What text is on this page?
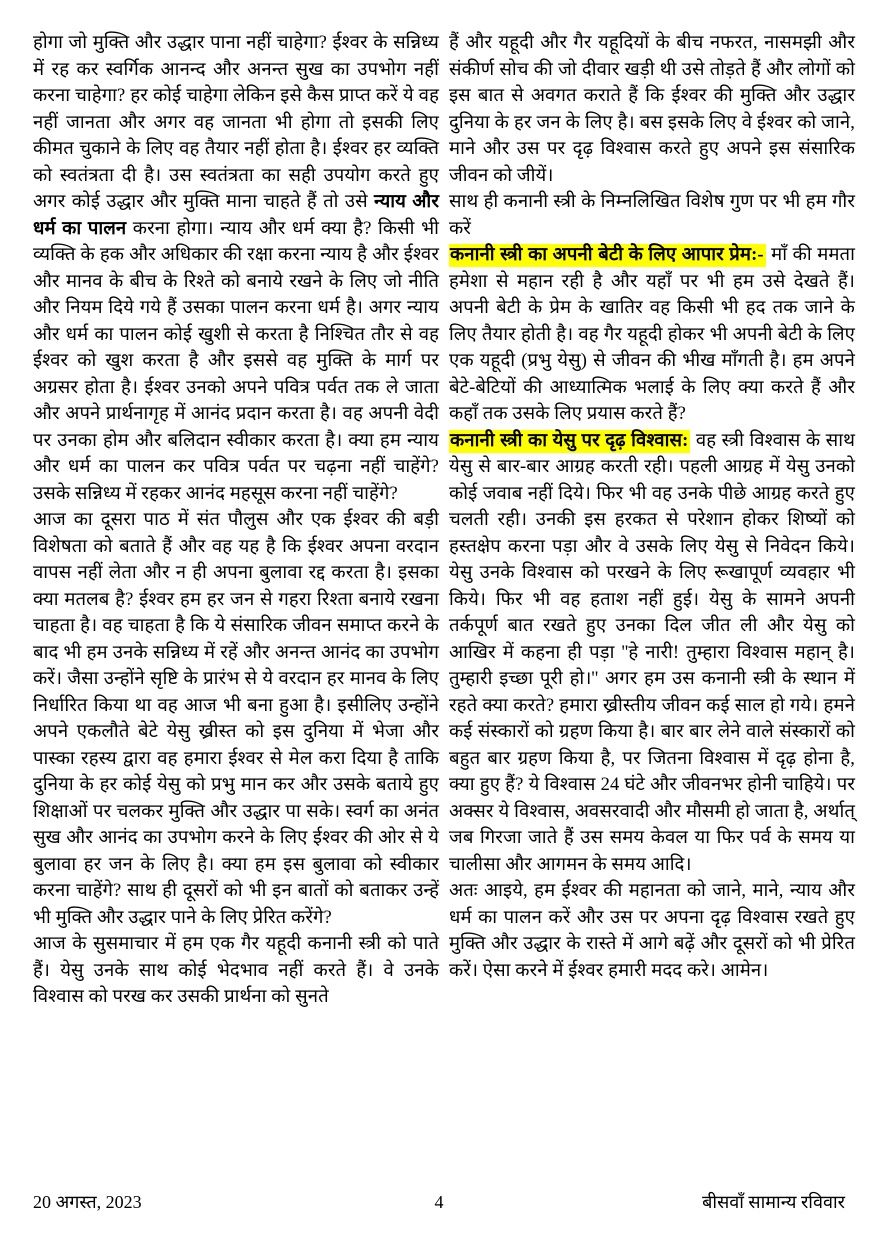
होगा जो मुक्ति और उद्धार पाना नहीं चाहेगा? ईश्वर के सन्निध्य में रह कर स्वर्गिक आनन्द और अनन्त सुख का उपभोग नहीं करना चाहेगा? हर कोई चाहेगा लेकिन इसे कैस प्राप्त करें ये वह नहीं जानता और अगर वह जानता भी होगा तो इसकी लिए कीमत चुकाने के लिए वह तैयार नहीं होता है। ईश्वर हर व्यक्ति को स्वतंत्रता दी है। उस स्वतंत्रता का सही उपयोग करते हुए अगर कोई उद्धार और मुक्ति माना चाहते हैं तो उसे न्याय और धर्म का पालन करना होगा। न्याय और धर्म क्या है? किसी भी व्यक्ति के हक और अधिकार की रक्षा करना न्याय है और ईश्वर और मानव के बीच के रिश्ते को बनाये रखने के लिए जो नीति और नियम दिये गये हैं उसका पालन करना धर्म है। अगर न्याय और धर्म का पालन कोई खुशी से करता है निश्चित तौर से वह ईश्वर को खुश करता है और इससे वह मुक्ति के मार्ग पर अग्रसर होता है। ईश्वर उनको अपने पवित्र पर्वत तक ले जाता और अपने प्रार्थनागृह में आनंद प्रदान करता है। वह अपनी वेदी पर उनका होम और बलिदान स्वीकार करता है। क्या हम न्याय और धर्म का पालन कर पवित्र पर्वत पर चढ़ना नहीं चाहेंगे? उसके सन्निध्य में रहकर आनंद महसूस करना नहीं चाहेंगे?

आज का दूसरा पाठ में संत पौलुस और एक ईश्वर की बड़ी विशेषता को बताते हैं और वह यह है कि ईश्वर अपना वरदान वापस नहीं लेता और न ही अपना बुलावा रद्द करता है। इसका क्या मतलब है? ईश्वर हम हर जन से गहरा रिश्ता बनाये रखना चाहता है। वह चाहता है कि ये संसारिक जीवन समाप्त करने के बाद भी हम उनके सन्निध्य में रहें और अनन्त आनंद का उपभोग करें। जैसा उन्होंने सृष्टि के प्रारंभ से ये वरदान हर मानव के लिए निर्धारित किया था वह आज भी बना हुआ है। इसीलिए उन्होंने अपने एकलौते बेटे येसु ख्रीस्त को इस दुनिया में भेजा और पास्का रहस्य द्वारा वह हमारा ईश्वर से मेल करा दिया है ताकि दुनिया के हर कोई येसु को प्रभु मान कर और उसके बताये हुए शिक्षाओं पर चलकर मुक्ति और उद्धार पा सके। स्वर्ग का अनंत सुख और आनंद का उपभोग करने के लिए ईश्वर की ओर से ये बुलावा हर जन के लिए है। क्या हम इस बुलावा को स्वीकार करना चाहेंगे? साथ ही दूसरों को भी इन बातों को बताकर उन्हें भी मुक्ति और उद्धार पाने के लिए प्रेरित करेंगे?

आज के सुसमाचार में हम एक गैर यहूदी कनानी स्त्री को पाते हैं। येसु उनके साथ कोई भेदभाव नहीं करते हैं। वे उनके विश्वास को परख कर उसकी प्रार्थना को सुनते

हैं और यहूदी और गैर यहूदियों के बीच नफरत, नासमझी और संकीर्ण सोच की जो दीवार खड़ी थी उसे तोड़ते हैं और लोगों को इस बात से अवगत कराते हैं कि ईश्वर की मुक्ति और उद्धार दुनिया के हर जन के लिए है। बस इसके लिए वे ईश्वर को जाने, माने और उस पर दृढ़ विश्वास करते हुए अपने इस संसारिक जीवन को जीयें।

साथ ही कनानी स्त्री के निम्नलिखित विशेष गुण पर भी हम गौर करें

कनानी स्त्री का अपनी बेटी के लिए आपार प्रेम:- माँ की ममता हमेशा से महान रही है और यहाँ पर भी हम उसे देखते हैं। अपनी बेटी के प्रेम के खातिर वह किसी भी हद तक जाने के लिए तैयार होती है। वह गैर यहूदी होकर भी अपनी बेटी के लिए एक यहूदी (प्रभु येसु) से जीवन की भीख माँगती है। हम अपने बेटे-बेटियों की आध्यात्मिक भलाई के लिए क्या करते हैं और कहाँ तक उसके लिए प्रयास करते हैं?

कनानी स्त्री का येसु पर दृढ़ विश्वास: वह स्त्री विश्वास के साथ येसु से बार-बार आग्रह करती रही। पहली आग्रह में येसु उनको कोई जवाब नहीं दिये। फिर भी वह उनके पीछे आग्रह करते हुए चलती रही। उनकी इस हरकत से परेशान होकर शिष्यों को हस्तक्षेप करना पड़ा और वे उसके लिए येसु से निवेदन किये। येसु उनके विश्वास को परखने के लिए रूखापूर्ण व्यवहार भी किये। फिर भी वह हताश नहीं हुई। येसु के सामने अपनी तर्कपूर्ण बात रखते हुए उनका दिल जीत ली और येसु को आखिर में कहना ही पड़ा ''हे नारी! तुम्हारा विश्वास महान् है। तुम्हारी इच्छा पूरी हो।'' अगर हम उस कनानी स्त्री के स्थान में रहते क्या करते? हमारा ख्रीस्तीय जीवन कई साल हो गये। हमने कई संस्कारों को ग्रहण किया है। बार बार लेने वाले संस्कारों को बहुत बार ग्रहण किया है, पर जितना विश्वास में दृढ़ होना है, क्या हुए हैं? ये विश्वास 24 घंटे और जीवनभर होनी चाहिये। पर अक्सर ये विश्वास, अवसरवादी और मौसमी हो जाता है, अर्थात् जब गिरजा जाते हैं उस समय केवल या फिर पर्व के समय या चालीसा और आगमन के समय आदि।

अतः आइये, हम ईश्वर की महानता को जाने, माने, न्याय और धर्म का पालन करें और उस पर अपना दृढ़ विश्वास रखते हुए मुक्ति और उद्धार के रास्ते में आगे बढ़ें और दूसरों को भी प्रेरित करें। ऐसा करने में ईश्वर हमारी मदद करे। आमेन।

20 अगस्त, 2023	4	बीसवाँ सामान्य रविवार
